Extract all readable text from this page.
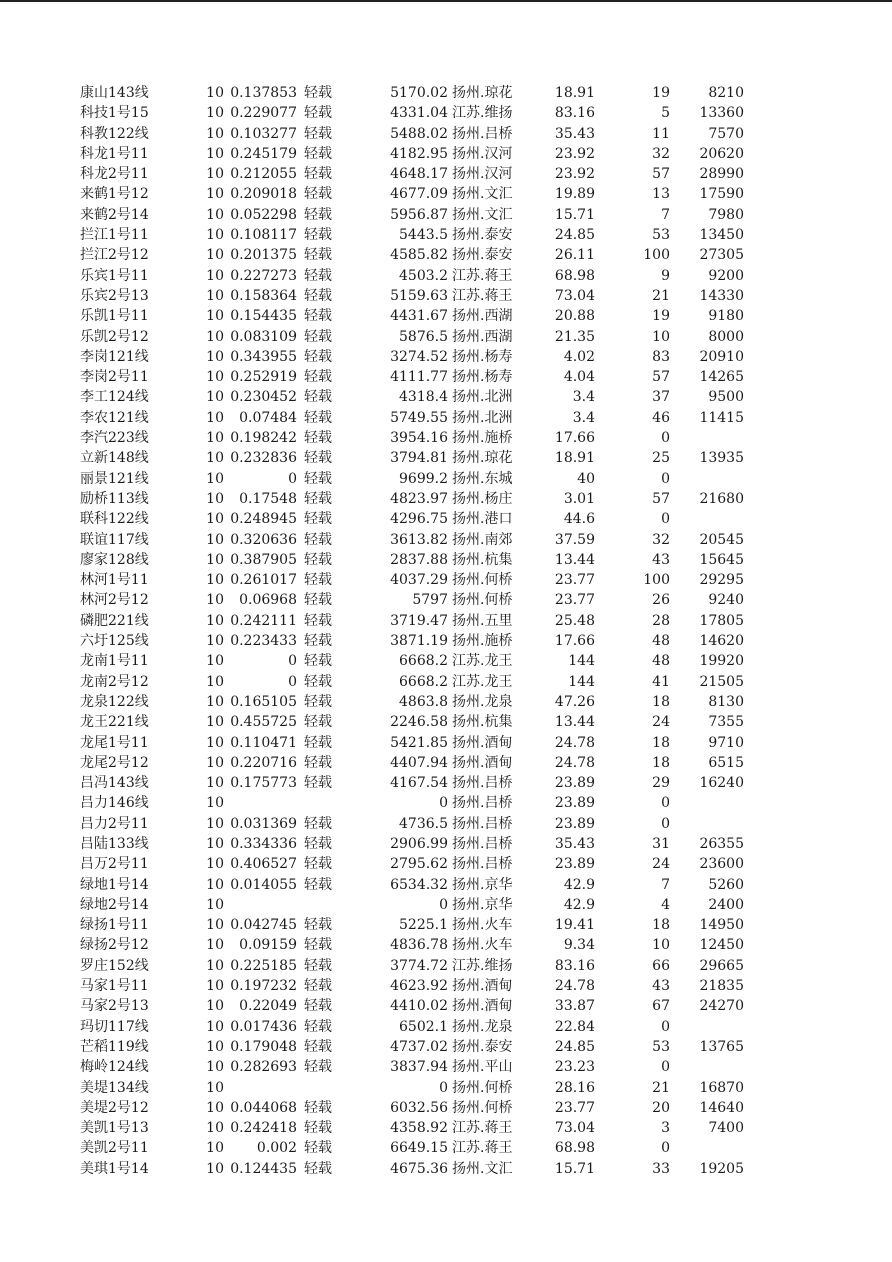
康山143线	10 0.137853 轻载	5170.02 扬州.琼花	18.91	19	8210
科技1号15	10 0.229077 轻载	4331.04 江苏.维扬	83.16	5	13360
科教122线	10 0.103277 轻载	5488.02 扬州.吕桥	35.43	11	7570
科龙1号11	10 0.245179 轻载	4182.95 扬州.汉河	23.92	32	20620
科龙2号11	10 0.212055 轻载	4648.17 扬州.汉河	23.92	57	28990
来鹤1号12	10 0.209018 轻载	4677.09 扬州.文汇	19.89	13	17590
来鹤2号14	10 0.052298 轻载	5956.87 扬州.文汇	15.71	7	7980
拦江1号11	10 0.108117 轻载	5443.5 扬州.泰安	24.85	53	13450
拦江2号12	10 0.201375 轻载	4585.82 扬州.泰安	26.11	100	27305
乐宾1号11	10 0.227273 轻载	4503.2 江苏.蒋王	68.98	9	9200
乐宾2号13	10 0.158364 轻载	5159.63 江苏.蒋王	73.04	21	14330
乐凯1号11	10 0.154435 轻载	4431.67 扬州.西湖	20.88	19	9180
乐凯2号12	10 0.083109 轻载	5876.5 扬州.西湖	21.35	10	8000
李岗121线	10 0.343955 轻载	3274.52 扬州.杨寿	4.02	83	20910
李岗2号11	10 0.252919 轻载	4111.77 扬州.杨寿	4.04	57	14265
李工124线	10 0.230452 轻载	4318.4 扬州.北洲	3.4	37	9500
李农121线	10	0.07484 轻载	5749.55 扬州.北洲	3.4	46	11415
李汽223线	10 0.198242 轻载	3954.16 扬州.施桥	17.66	0
立新148线	10 0.232836 轻载	3794.81 扬州.琼花	18.91	25	13935
丽景121线	10	0 轻载	9699.2 扬州.东城	40	0
励桥113线	10	0.17548 轻载	4823.97 扬州.杨庄	3.01	57	21680
联科122线	10 0.248945 轻载	4296.75 扬州.港口	44.6	0
联谊117线	10 0.320636 轻载	3613.82 扬州.南郊	37.59	32	20545
廖家128线	10 0.387905 轻载	2837.88 扬州.杭集	13.44	43	15645
林河1号11	10 0.261017 轻载	4037.29 扬州.何桥	23.77	100	29295
林河2号12	10	0.06968 轻载	5797 扬州.何桥	23.77	26	9240
磷肥221线	10 0.242111 轻载	3719.47 扬州.五里	25.48	28	17805
六圩125线	10 0.223433 轻载	3871.19 扬州.施桥	17.66	48	14620
龙南1号11	10	0 轻载	6668.2 江苏.龙王	144	48	19920
龙南2号12	10	0 轻载	6668.2 江苏.龙王	144	41	21505
龙泉122线	10 0.165105 轻载	4863.8 扬州.龙泉	47.26	18	8130
龙王221线	10 0.455725 轻载	2246.58 扬州.杭集	13.44	24	7355
龙尾1号11	10 0.110471 轻载	5421.85 扬州.酒甸	24.78	18	9710
龙尾2号12	10 0.220716 轻载	4407.94 扬州.酒甸	24.78	18	6515
吕冯143线	10 0.175773 轻载	4167.54 扬州.吕桥	23.89	29	16240
吕力146线	10	0 扬州.吕桥	23.89	0
吕力2号11	10 0.031369 轻载	4736.5 扬州.吕桥	23.89	0
吕陆133线	10 0.334336 轻载	2906.99 扬州.吕桥	35.43	31	26355
吕万2号11	10 0.406527 轻载	2795.62 扬州.吕桥	23.89	24	23600
绿地1号14	10 0.014055 轻载	6534.32 扬州.京华	42.9	7	5260
绿地2号14	10	0 扬州.京华	42.9	4	2400
绿扬1号11	10 0.042745 轻载	5225.1 扬州.火车	19.41	18	14950
绿扬2号12	10	0.09159 轻载	4836.78 扬州.火车	9.34	10	12450
罗庄152线	10 0.225185 轻载	3774.72 江苏.维扬	83.16	66	29665
马家1号11	10 0.197232 轻载	4623.92 扬州.酒甸	24.78	43	21835
马家2号13	10	0.22049 轻载	4410.02 扬州.酒甸	33.87	67	24270
玛切117线	10 0.017436 轻载	6502.1 扬州.龙泉	22.84	0
芒稻119线	10 0.179048 轻载	4737.02 扬州.泰安	24.85	53	13765
梅岭124线	10 0.282693 轻载	3837.94 扬州.平山	23.23	0
美堤134线	10	0 扬州.何桥	28.16	21	16870
美堤2号12	10 0.044068 轻载	6032.56 扬州.何桥	23.77	20	14640
美凯1号13	10 0.242418 轻载	4358.92 江苏.蒋王	73.04	3	7400
美凯2号11	10	0.002 轻载	6649.15 江苏.蒋王	68.98	0
美琪1号14	10 0.124435 轻载	4675.36 扬州.文汇	15.71	33	19205
